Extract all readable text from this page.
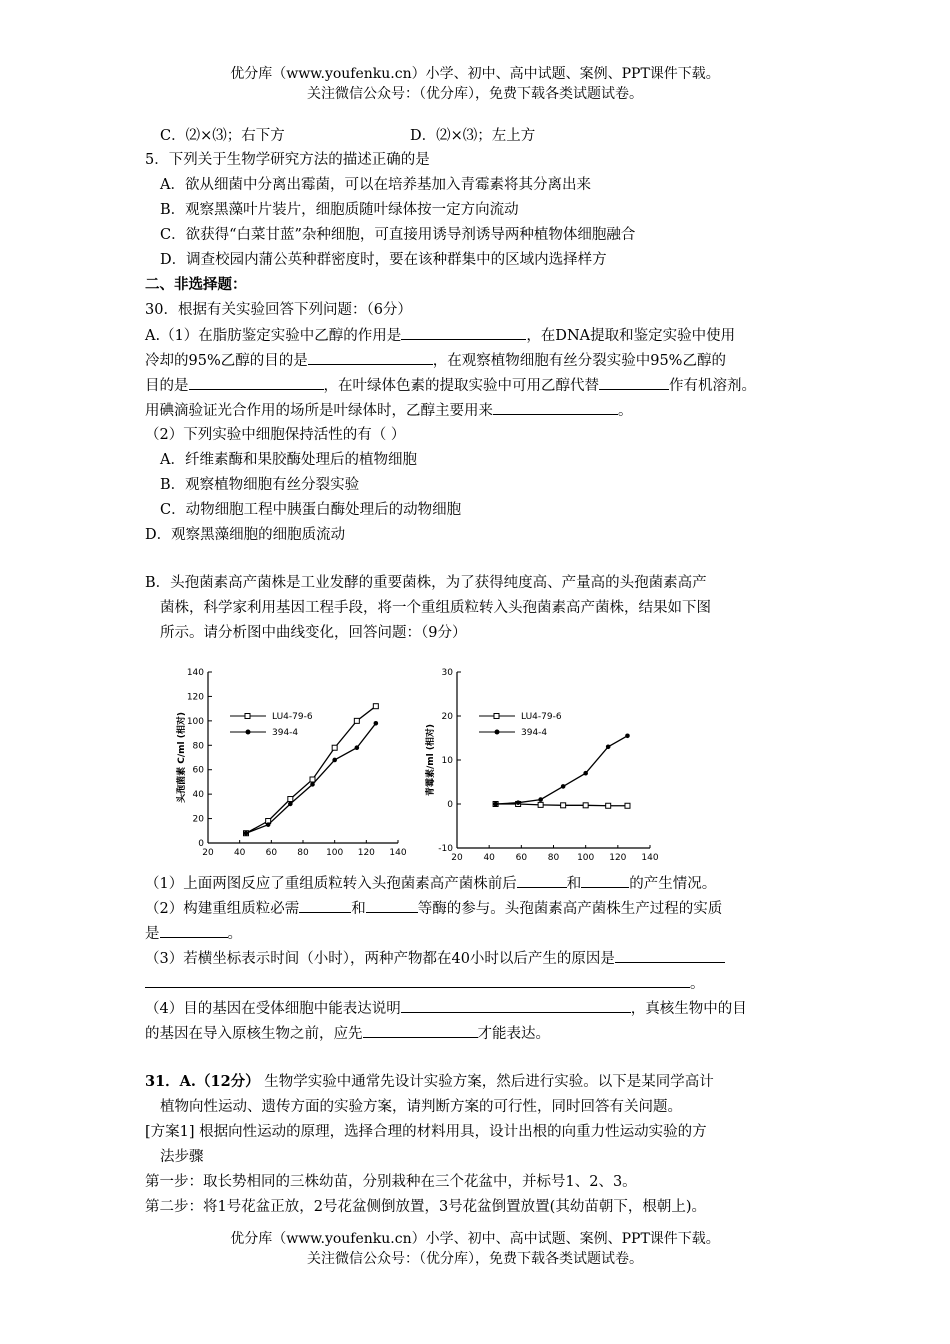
优分库（www.youfenku.cn）小学、初中、高中试题、案例、PPT课件下载。
关注微信公众号：（优分库），免费下载各类试题试卷。
C．⑵×⑶；右下方	D．⑵×⑶；左上方
5．下列关于生物学研究方法的描述正确的是
A．欲从细菌中分离出霉菌，可以在培养基加入青霉素将其分离出来
B．观察黑藻叶片装片，细胞质随叶绿体按一定方向流动
C．欲获得“白菜甘蓝”杂种细胞，可直接用诱导剂诱导两种植物体细胞融合
D．调查校园内蒲公英种群密度时，要在该种群集中的区域内选择样方
二、非选择题：
30．根据有关实验回答下列问题：（6分）
A.（1）在脂肪鉴定实验中乙醇的作用是	，在DNA提取和鉴定实验中使用
冷却的95%乙醇的目的是	，在观察植物细胞有丝分裂实验中95%乙醇的
目的是	，在叶绿体色素的提取实验中可用乙醇代替	作有机溶剂。
用碘滴验证光合作用的场所是叶绿体时，乙醇主要用来	。
（2）下列实验中细胞保持活性的有（ ）
A．纤维素酶和果胶酶处理后的植物细胞
B．观察植物细胞有丝分裂实验
C．动物细胞工程中胰蛋白酶处理后的动物细胞
D．观察黑藻细胞的细胞质流动
B．头孢菌素高产菌株是工业发酵的重要菌株，为了获得纯度高、产量高的头孢菌素高产
菌株，科学家利用基因工程手段，将一个重组质粒转入头孢菌素高产菌株，结果如下图
所示。请分析图中曲线变化，回答问题：（9分）
0
20
40
60
80
100
120
140
20 40 60 80 100 120 140
头孢菌素 C/ml (相对)	LU4-79-6
394-4
-10
0
10
20
30
20 40 60 80 100 120 140
青霉素/ml (相对)
LU4-79-6
394-4
（1）上面两图反应了重组质粒转入头孢菌素高产菌株前后	和	的产生情况。
（2）构建重组质粒必需	和	等酶的参与。头孢菌素高产菌株生产过程的实质
是	。
（3）若横坐标表示时间（小时），两种产物都在40小时以后产生的原因是
。
（4）目的基因在受体细胞中能表达说明	，真核生物中的目
的基因在导入原核生物之前，应先	才能表达。
31．A.（12分） 生物学实验中通常先设计实验方案，然后进行实验。以下是某同学高计
植物向性运动、遗传方面的实验方案，请判断方案的可行性，同时回答有关问题。
[方案1] 根据向性运动的原理，选择合理的材料用具，设计出根的向重力性运动实验的方
法步骤
第一步：取长势相同的三株幼苗，分别栽种在三个花盆中，并标号1、2、3。
第二步：将1号花盆正放，2号花盆侧倒放置，3号花盆倒置放置(其幼苗朝下，根朝上)。
优分库（www.youfenku.cn）小学、初中、高中试题、案例、PPT课件下载。
关注微信公众号：（优分库），免费下载各类试题试卷。
